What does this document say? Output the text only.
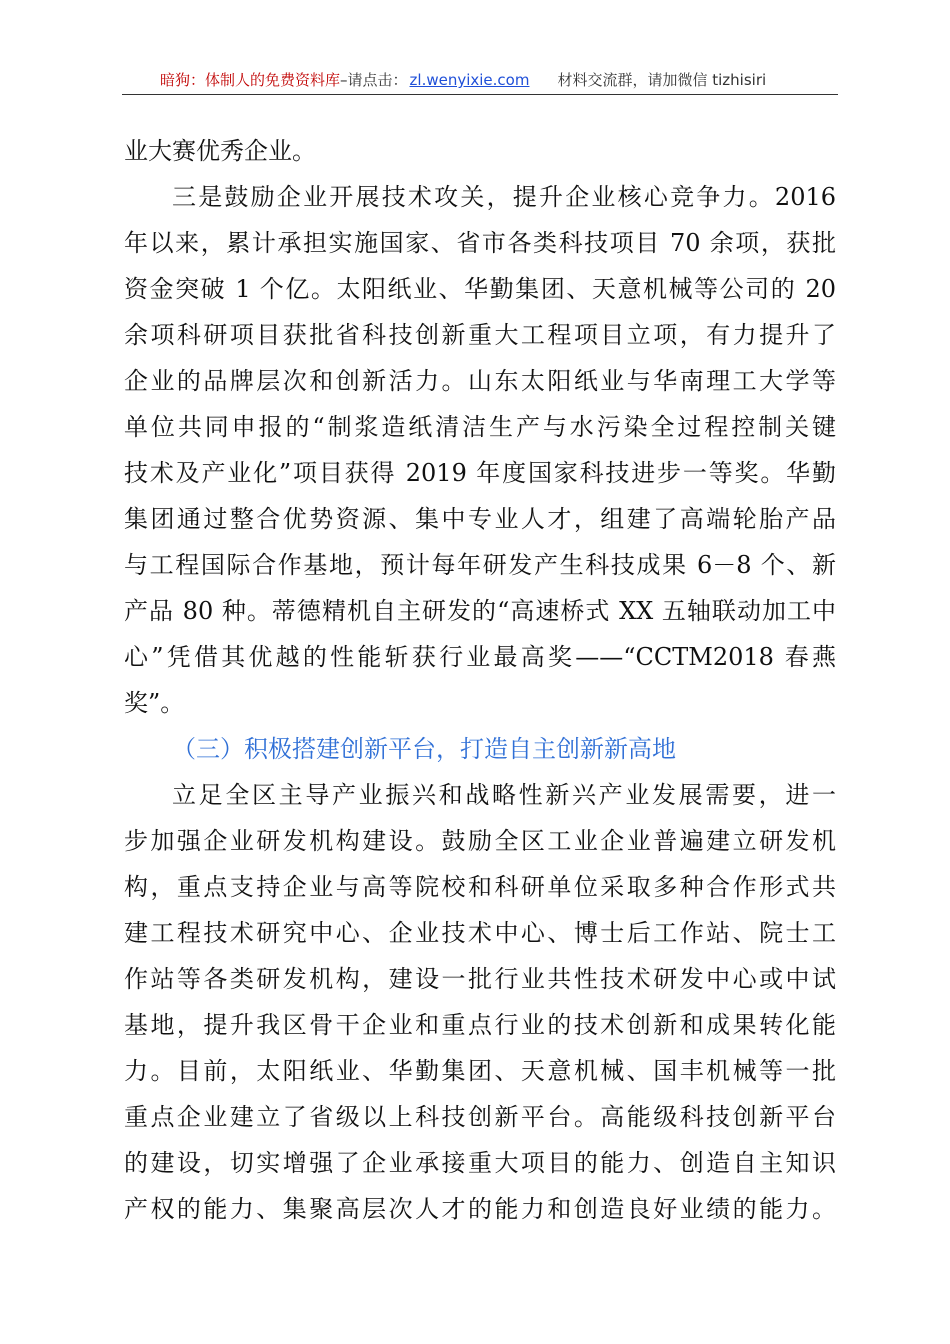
暗狗：体制人的免费资料库–请点击： zl.wenyixie.com 材料交流群，请加微信 tizhisiri
业大赛优秀企业。
三是鼓励企业开展技术攻关，提升企业核心竞争力。2016
年以来，累计承担实施国家、省市各类科技项目 70 余项，获批
资金突破 1 个亿。太阳纸业、华勤集团、天意机械等公司的 20
余项科研项目获批省科技创新重大工程项目立项，有力提升了
企业的品牌层次和创新活力。山东太阳纸业与华南理工大学等
单位共同申报的“制浆造纸清洁生产与水污染全过程控制关键
技术及产业化”项目获得 2019 年度国家科技进步一等奖。华勤
集团通过整合优势资源、集中专业人才，组建了高端轮胎产品
与工程国际合作基地，预计每年研发产生科技成果 6－8 个、新
产品 80 种。蒂德精机自主研发的“高速桥式 XX 五轴联动加工中
心”凭借其优越的性能斩获行业最高奖——“CCTM2018 春燕
奖”。
（三）积极搭建创新平台，打造自主创新新高地
立足全区主导产业振兴和战略性新兴产业发展需要，进一
步加强企业研发机构建设。鼓励全区工业企业普遍建立研发机
构，重点支持企业与高等院校和科研单位采取多种合作形式共
建工程技术研究中心、企业技术中心、博士后工作站、院士工
作站等各类研发机构，建设一批行业共性技术研发中心或中试
基地，提升我区骨干企业和重点行业的技术创新和成果转化能
力。目前，太阳纸业、华勤集团、天意机械、国丰机械等一批
重点企业建立了省级以上科技创新平台。高能级科技创新平台
的建设，切实增强了企业承接重大项目的能力、创造自主知识
产权的能力、集聚高层次人才的能力和创造良好业绩的能力。
